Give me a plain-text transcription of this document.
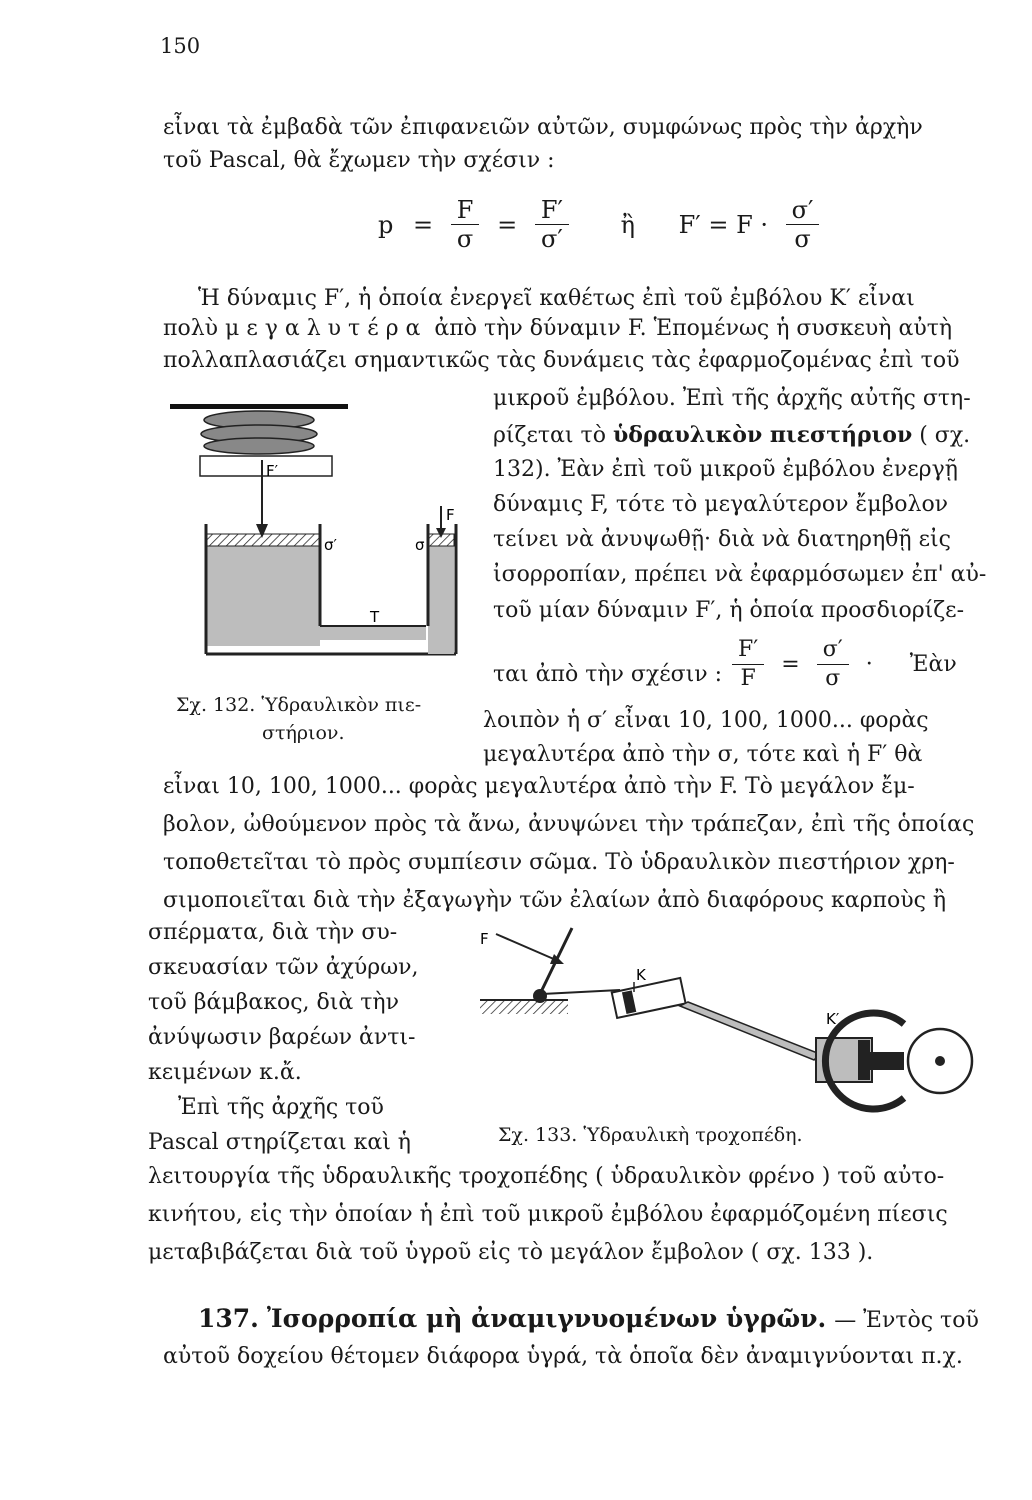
150
εἶναι τὰ ἐμβαδὰ τῶν ἐπιφανειῶν αὐτῶν, συμφώνως πρὸς τὴν ἀρχὴν
τοῦ Pascal, θὰ ἔχωμεν τὴν σχέσιν :
$p = \frac{F}{\sigma} = \frac{F'}{\sigma'}$ ἢ $F' = F \cdot \frac{\sigma'}{\sigma}$
Ἡ δύναμις F′, ἡ ὁποία ἐνεργεῖ καθέτως ἐπὶ τοῦ ἐμβόλου K′ εἶναι
πολὺ μεγαλυτέρα ἀπὸ τὴν δύναμιν F. Ἑπομένως ἡ συσκευὴ αὐτὴ
πολλαπλασιάζει σημαντικῶς τὰς δυνάμεις τὰς ἐφαρμοζομένας ἐπὶ τοῦ
μικροῦ ἐμβόλου. Ἐπὶ τῆς ἀρχῆς αὐτῆς στη-
ρίζεται τὸ ὑδραυλικὸν πιεστήριον ( σχ.
132). Ἐὰν ἐπὶ τοῦ μικροῦ ἐμβόλου ἐνεργῇ
δύναμις F, τότε τὸ μεγαλύτερον ἔμβολον
τείνει νὰ ἀνυψωθῇ· διὰ νὰ διατηρηθῇ εἰς
ἰσορροπίαν, πρέπει νὰ ἐφαρμόσωμεν ἐπ' αὐ-
τοῦ μίαν δύναμιν F′, ἡ ὁποία προσδιορίζε-
ται ἀπὸ τὴν σχέσιν : $\frac{F'}{F} = \frac{\sigma'}{\sigma}$ · Ἐὰν
λοιπὸν ἡ σ′ εἶναι 10, 100, 1000... φορὰς
μεγαλυτέρα ἀπὸ τὴν σ, τότε καὶ ἡ F′ θὰ
F′
F
σ′	σ
T
Σχ. 132. Ὑδραυλικὸν πιε-
στήριον.
εἶναι 10, 100, 1000... φορὰς μεγαλυτέρα ἀπὸ τὴν F. Τὸ μεγάλον ἔμ-
βολον, ὠθούμενον πρὸς τὰ ἄνω, ἀνυψώνει τὴν τράπεζαν, ἐπὶ τῆς ὁποίας
τοποθετεῖται τὸ πρὸς συμπίεσιν σῶμα. Τὸ ὑδραυλικὸν πιεστήριον χρη-
σιμοποιεῖται διὰ τὴν ἐξαγωγὴν τῶν ἐλαίων ἀπὸ διαφόρους καρποὺς ἢ
σπέρματα, διὰ τὴν συ-
σκευασίαν τῶν ἀχύρων,
τοῦ βάμβακος, διὰ τὴν
ἀνύψωσιν βαρέων ἀντι-
κειμένων κ.ἄ.
Ἐπὶ τῆς ἀρχῆς τοῦ
Pascal στηρίζεται καὶ ἡ
F
K
K′
Σχ. 133. Ὑδραυλικὴ τροχοπέδη.
λειτουργία τῆς ὑδραυλικῆς τροχοπέδης ( ὑδραυλικὸν φρένο ) τοῦ αὐτο-
κινήτου, εἰς τὴν ὁποίαν ἡ ἐπὶ τοῦ μικροῦ ἐμβόλου ἐφαρμόζομένη πίεσις
μεταβιβάζεται διὰ τοῦ ὑγροῦ εἰς τὸ μεγάλον ἔμβολον ( σχ. 133 ).
137. Ἰσορροπία μὴ ἀναμιγνυομένων ὑγρῶν. — Ἐντὸς τοῦ
αὐτοῦ δοχείου θέτομεν διάφορα ὑγρά, τὰ ὁποῖα δὲν ἀναμιγνύονται π.χ.
